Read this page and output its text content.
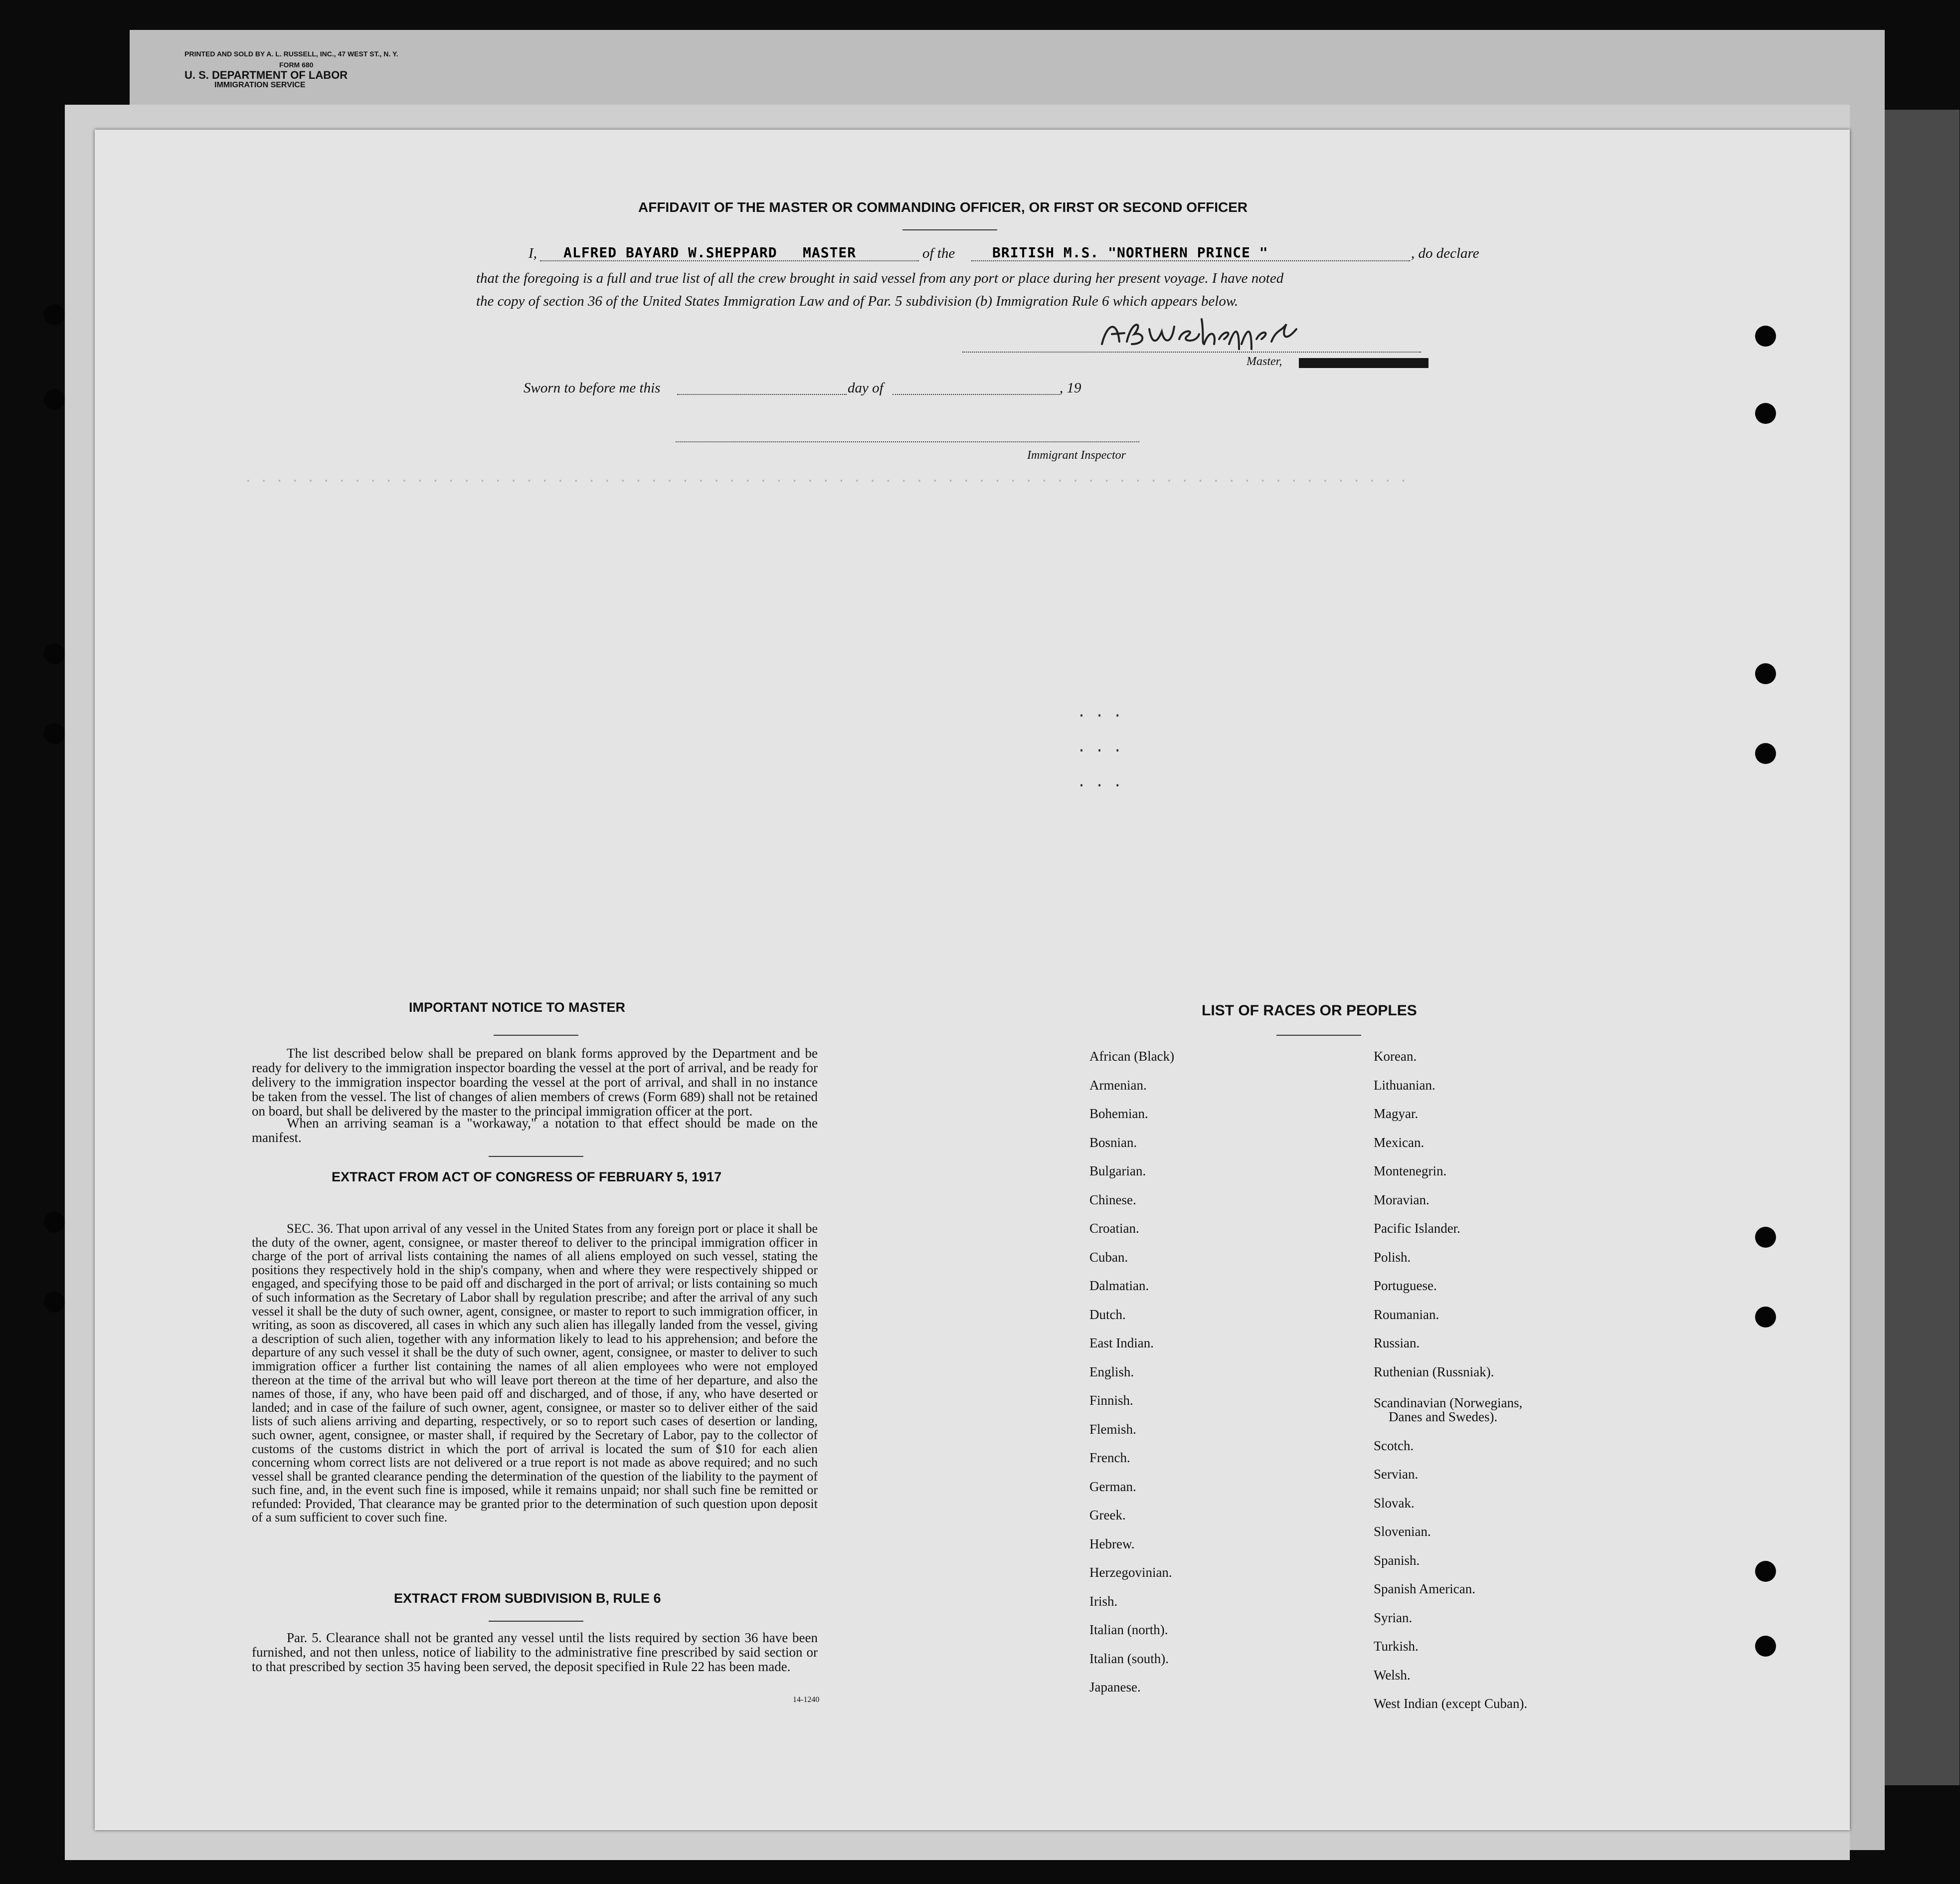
PRINTED AND SOLD BY A. L. RUSSELL, INC., 47 WEST ST., N. Y.
FORM 680
U. S. DEPARTMENT OF LABOR
IMMIGRATION SERVICE
· · · · · · · · · · · · · · · · · · · · · · · · · · · · · · · · · · · · · · · · · · · · · · · · · · · · · · · · · · · · · · · · · · · · · · · · · · ·
. . .
. . .
. . .
AFFIDAVIT OF THE MASTER OR COMMANDING OFFICER, OR FIRST OR SECOND OFFICER
I, ALFRED BAYARD W.SHEPPARD MASTER	of the	BRITISH M.S. "NORTHERN PRINCE "	, do declare
that the foregoing is a full and true list of all the crew brought in said vessel from any port or place during her present voyage. I have noted
the copy of section 36 of the United States Immigration Law and of Par. 5 subdivision (b) Immigration Rule 6 which appears below.
Master,
Sworn to before me this	day of	, 19
Immigrant Inspector
IMPORTANT NOTICE TO MASTER
The list described below shall be prepared on blank forms approved by the Department and be ready for delivery to the immigration inspector boarding the vessel at the port of arrival, and be ready for delivery to the immigration inspector boarding the vessel at the port of arrival, and shall in no instance be taken from the vessel. The list of changes of alien members of crews (Form 689) shall not be retained on board, but shall be delivered by the master to the principal immigration officer at the port.
When an arriving seaman is a "workaway," a notation to that effect should be made on the manifest.
EXTRACT FROM ACT OF CONGRESS OF FEBRUARY 5, 1917
SEC. 36. That upon arrival of any vessel in the United States from any foreign port or place it shall be the duty of the owner, agent, consignee, or master thereof to deliver to the principal immigration officer in charge of the port of arrival lists containing the names of all aliens employed on such vessel, stating the positions they respectively hold in the ship's company, when and where they were respectively shipped or engaged, and specifying those to be paid off and discharged in the port of arrival; or lists containing so much of such information as the Secretary of Labor shall by regulation prescribe; and after the arrival of any such vessel it shall be the duty of such owner, agent, consignee, or master to report to such immigration officer, in writing, as soon as discovered, all cases in which any such alien has illegally landed from the vessel, giving a description of such alien, together with any information likely to lead to his apprehension; and before the departure of any such vessel it shall be the duty of such owner, agent, consignee, or master to deliver to such immigration officer a further list containing the names of all alien employees who were not employed thereon at the time of the arrival but who will leave port thereon at the time of her departure, and also the names of those, if any, who have been paid off and discharged, and of those, if any, who have deserted or landed; and in case of the failure of such owner, agent, consignee, or master so to deliver either of the said lists of such aliens arriving and departing, respectively, or so to report such cases of desertion or landing, such owner, agent, consignee, or master shall, if required by the Secretary of Labor, pay to the collector of customs of the customs district in which the port of arrival is located the sum of $10 for each alien concerning whom correct lists are not delivered or a true report is not made as above required; and no such vessel shall be granted clearance pending the determination of the question of the liability to the payment of such fine, and, in the event such fine is imposed, while it remains unpaid; nor shall such fine be remitted or refunded: Provided, That clearance may be granted prior to the determination of such question upon deposit of a sum sufficient to cover such fine.
EXTRACT FROM SUBDIVISION B, RULE 6
Par. 5. Clearance shall not be granted any vessel until the lists required by section 36 have been furnished, and not then unless, notice of liability to the administrative fine prescribed by said section or to that prescribed by section 35 having been served, the deposit specified in Rule 22 has been made.
14-1240
LIST OF RACES OR PEOPLES
African (Black)
Armenian.
Bohemian.
Bosnian.
Bulgarian.
Chinese.
Croatian.
Cuban.
Dalmatian.
Dutch.
East Indian.
English.
Finnish.
Flemish.
French.
German.
Greek.
Hebrew.
Herzegovinian.
Irish.
Italian (north).
Italian (south).
Japanese.
Korean.
Lithuanian.
Magyar.
Mexican.
Montenegrin.
Moravian.
Pacific Islander.
Polish.
Portuguese.
Roumanian.
Russian.
Ruthenian (Russniak).
Scandinavian (Norwegians,
Danes and Swedes).
Scotch.
Servian.
Slovak.
Slovenian.
Spanish.
Spanish American.
Syrian.
Turkish.
Welsh.
West Indian (except Cuban).
